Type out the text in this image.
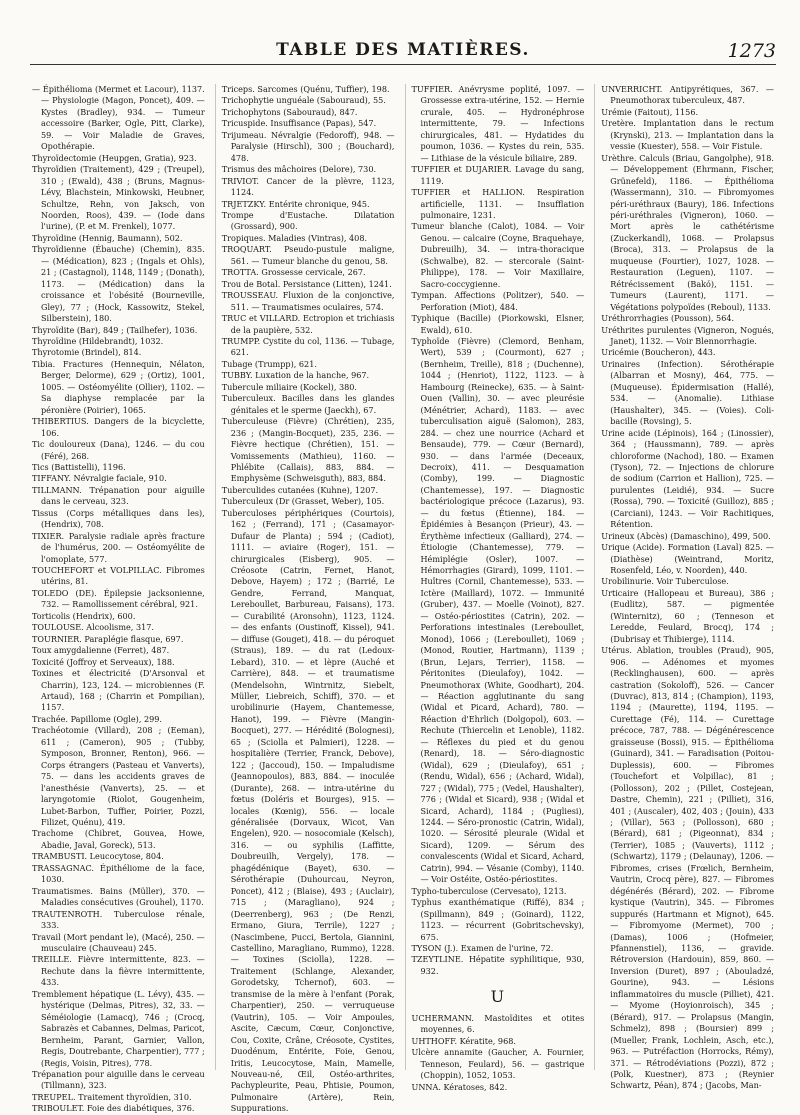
TABLE DES MATIÈRES.	1273

— Épithélioma (Mermet et Lacour), 1137. — Physiologie (Magon, Poncet), 409. — Kystes (Bradley), 934. — Tumeur accessoire (Barker, Ogle, Pitt, Clarke), 59. — Voir Maladie de Graves, Opothérapie.

Thyroïdectomie (Heupgen, Gratia), 923.

Thyroïdien (Traitement), 429 ; (Treupel), 310 ; (Ewald), 438 ; (Bruns, Magnus-Lévy, Blachstein, Minkowski, Heubner, Schultze, Rehn, von Jaksch, von Noorden, Roos), 439. — (Iode dans l'urine), (P. et M. Frenkel), 1077.

Thyroïdine (Hennig, Baumann), 502.

Thyroïdienne (Ébauche) (Chemin), 835. — (Médication), 823 ; (Ingals et Ohls), 21 ; (Castagnol), 1148, 1149 ; (Donath), 1173. — (Médication) dans la croissance et l'obésité (Bourneville, Gley), 77 ; (Hock, Kassowitz, Stekel, Silberstein), 180.

Thyroïdite (Bar), 849 ; (Tailhefer), 1036.

Thyroïdine (Hildebrandt), 1032.

Thyrotomie (Brindel), 814.

Tibia. Fractures (Hennequin, Nélaton, Berger, Delorme), 629 ; (Ortiz), 1001, 1005. — Ostéomyélite (Ollier), 1102. — Sa diaphyse remplacée par la péronière (Poirier), 1065.

THIBERTIUS. Dangers de la bicyclette, 106.

Tic douloureux (Dana), 1246. — du cou (Féré), 268.

Tics (Battistelli), 1196.

TIFFANY. Névralgie faciale, 910.

TILLMANN. Trépanation pour aiguille dans le cerveau, 323.

Tissus (Corps métalliques dans les), (Hendrix), 708.

TIXIER. Paralysie radiale après fracture de l'humérus, 200. — Ostéomyélite de l'omoplate, 577.

TOUCHEFORT et VOLPILLAC. Fibromes utérins, 81.

TOLEDO (DE). Épilepsie jacksonienne, 732. — Ramollissement cérébral, 921.

Torticolis (Hendrix), 600.

TOULOUSE. Alcoolisme, 317.

TOURNIER. Paraplégie flasque, 697.

Toux amygdalienne (Ferret), 487.

Toxicité (Joffroy et Serveaux), 188.

Toxines et électricité (D'Arsonval et Charrin), 123, 124. — microbiennes (F. Artaud), 168 ; (Charrin et Pompilian), 1157.

Trachée. Papillome (Ogle), 299.

Trachéotomie (Villard), 208 ; (Eeman), 611 ; (Cameron), 905 ; (Tubby, Symposon, Bronner, Renton), 966. — Corps étrangers (Pasteau et Vanverts), 75. — dans les accidents graves de l'anesthésie (Vanverts), 25. — et laryngotomie (Riolot, Gougenheim, Lubet-Barbon, Tuffier, Poirier, Pozzi, Filizet, Quénu), 419.

Trachome (Chibret, Gouvea, Howe, Abadie, Javal, Goreck), 513.

TRAMBUSTI. Leucocytose, 804.

TRASSAGNAC. Épithéliome de la face, 1030.

Traumatismes. Bains (Müller), 370. — Maladies consécutives (Grouhel), 1170.

TRAUTENROTH. Tuberculose rénale, 333.

Travail (Mort pendant le), (Macé), 250. — musculaire (Chauveau) 245.

TREILLE. Fièvre intermittente, 823. — Rechute dans la fièvre intermittente, 433.

Tremblement hépatique (L. Lévy), 435. — hystérique (Delmas, Pitres), 32, 33. — Séméiologie (Lamacq), 746 ; (Crocq, Sabrazès et Cabannes, Delmas, Paricot, Bernheim, Parant, Garnier, Vallon, Regis, Doutrebante, Charpentier), 777 ; (Regis, Voisin, Pitres), 778.

Trépanation pour aiguille dans le cerveau (Tillmann), 323.

TREUPEL. Traitement thyroïdien, 310.

TRIBOULET. Foie des diabétiques, 376.

Triceps. Sarcomes (Quénu, Tuffier), 198.

Trichophytie unguéale (Sabouraud), 55.

Trichophytons (Sabouraud), 847.

Tricuspide. Insuffisance (Papas), 547.

Trijumeau. Névralgie (Fedoroff), 948. — Paralysie (Hirschl), 300 ; (Bouchard), 478.

Trismus des mâchoires (Delore), 730.

TRIVIOT. Cancer de la plèvre, 1123, 1124.

TRJETZKY. Entérite chronique, 945.

Trompe d'Eustache. Dilatation (Grossard), 900.

Tropiques. Maladies (Vintras), 408.

TROQUART. Pseudo-pustule maligne, 561. — Tumeur blanche du genou, 58.

TROTTA. Grossesse cervicale, 267.

Trou de Botal. Persistance (Litten), 1241.

TROUSSEAU. Fluxion de la conjonctive, 511. — Traumatismes oculaires, 574.

TRUC et VILLARD. Ectropion et trichiasis de la paupière, 532.

TRUMPP. Cystite du col, 1136. — Tubage, 621.

Tubage (Trumpp), 621.

TUBBY. Luxation de la hanche, 967.

Tubercule miliaire (Kockel), 380.

Tuberculeux. Bacilles dans les glandes génitales et le sperme (Jaeckh), 67.

Tuberculeuse (Fièvre) (Chrétien), 235, 236 ; (Mangin-Bocquet), 235, 236. — Fièvre hectique (Chrétien), 151. — Vomissements (Mathieu), 1160. — Phlébite (Callais), 883, 884. — Emphysème (Schweisguth), 883, 884.

Tuberculides cutanées (Kuhne), 1207.

Tuberculeux (Dr (Grasset, Weber), 105.

Tuberculoses périphériques (Courtois), 162 ; (Ferrand), 171 ; (Casamayor-Dufaur de Planta) ; 594 ; (Cadiot), 1111. — aviaire (Roger), 151. — chirurgicales (Eisberg), 905. — Créosote (Catrin, Fernet, Hanot, Debove, Hayem) ; 172 ; (Barrié, Le Gendre, Ferrand, Manquat, Lereboullet, Barbureau, Faisans), 173. — Curabilité (Aronsohn), 1123, 1124. — des enfants (Oustinoff, Kissel), 941. — diffuse (Gouget), 418. — du péroquet (Straus), 189. — du rat (Ledoux-Lebard), 310. — et lèpre (Auché et Carrière), 848. — et traumatisme (Mendelsohn, Wintrnitz, Siebelt, Müller, Liebreich, Schiff), 370. — et urobilinurie (Hayem, Chantemesse, Hanot), 199. — Fièvre (Mangin-Bocquet), 277. — Hérédité (Bolognesi), 65 ; (Sciolla et Palmieri), 1228. — hospitalière (Terrier, Franck, Debove), 122 ; (Jaccoud), 150. — Impaludisme (Jeannopoulos), 883, 884. — inoculée (Durante), 268. — intra-utérine du fœtus (Doléris et Bourges), 915. — locales (Kœnig), 556. — locale généralisée (Dorvaux, Wicot, Van Engelen), 920. — nosocomiale (Kelsch), 316. — ou syphilis (Laffitte, Doubreuilh, Vergely), 178. — phagédénique (Bayet), 630. — Sérothérapie (Duhourcau, Neyron, Poncet), 412 ; (Blaise), 493 ; (Auclair), 715 ; (Maragliano), 924 ; (Deerrenberg), 963 ; (De Renzi, Ermano, Giura, Terrile), 1227 ; (Nascimbene, Pucci, Bertola, Giannini, Castellino, Maragliano, Rummo), 1228. — Toxines (Sciolla), 1228. — Traitement (Schlange, Alexander, Gorodetsky, Tchernof), 603. — transmise de la mère à l'enfant (Porak, Charpentier), 250. — verruqueuse (Vautrin), 105. — Voir Ampoules, Ascite, Cæcum, Cœur, Conjonctive, Cou, Coxite, Crâne, Créosote, Cystites, Duodénum, Entérite, Foie, Genou, Iritis, Leucocytose, Main, Mamelle, Nouveau-né, Œil, Ostéo-arthrites, Pachypleurite, Peau, Phtisie, Poumon, Pulmonaire (Artère), Rein, Suppurations.

TUFFIER. Anévrysme poplité, 1097. — Grossesse extra-utérine, 152. — Hernie crurale, 405. — Hydronéphrose intermittente, 79. — Infections chirurgicales, 481. — Hydatides du poumon, 1036. — Kystes du rein, 535. — Lithiase de la vésicule biliaire, 289.

TUFFIER et DUJARIER. Lavage du sang, 1119.

TUFFIER et HALLION. Respiration artificielle, 1131. — Insufflation pulmonaire, 1231.

Tumeur blanche (Calot), 1084. — Voir Genou. — calcaire (Coyne, Braquehaye, Dubreuilh), 34. — intra-thoracique (Schwalbe), 82. — stercorale (Saint-Philippe), 178. — Voir Maxillaire, Sacro-coccygienne.

Tympan. Affections (Politzer), 540. — Perforation (Miot), 484.

Typhique (Bacille) (Piorkowski, Elsner, Ewald), 610.

Typhoïde (Fièvre) (Clemord, Benham, Wert), 539 ; (Courmont), 627 ; (Bernheim, Treille), 818 ; (Duchenne), 1044 ; (Henriot), 1122, 1123. — à Hambourg (Reinecke), 635. — à Saint-Ouen (Vallin), 30. — avec pleurésie (Ménétrier, Achard), 1183. — avec tuberculisation aiguë (Salomon), 283, 284. — chez une nourrice (Achard et Bensaude), 779. — Cœur (Bernard), 930. — dans l'armée (Deceaux, Decroix), 411. — Desquamation (Comby), 199. — Diagnostic (Chantemesse), 197. — Diagnostic bactériologique précoce (Lazarus), 93. — du fœtus (Étienne), 184. — Épidémies à Besançon (Prieur), 43. — Érythème infectieux (Galliard), 274. — Étiologie (Chantemesse), 779. — Hémiplégie (Osler), 1007. — Hémorrhagies (Girard), 1099, 1101. — Huîtres (Cornil, Chantemesse), 533. — Ictère (Maillard), 1072. — Immunité (Gruber), 437. — Moelle (Voinot), 827. — Ostéo-périostites (Catrin), 202. — Perforations intestinales (Lereboullet, Monod), 1066 ; (Lereboullet), 1069 ; (Monod, Routier, Hartmann), 1139 ; (Brun, Lejars, Terrier), 1158. — Péritonites (Dieulafoy), 1042. — Pneumothorax (White, Goodhart), 204. — Réaction agglutinante du sang (Widal et Picard, Achard), 780. — Réaction d'Ehrlich (Dolgopol), 603. — Rechute (Thiercelin et Lenoble), 1182. — Réflexes du pied et du genou (Renard), 18. — Séro-diagnostic (Widal), 629 ; (Dieulafoy), 651 ; (Rendu, Widal), 656 ; (Achard, Widal), 727 ; (Widal), 775 ; (Vedel, Haushalter), 776 ; (Widal et Sicard), 938 ; (Widal et Sicard, Achard), 1184 ; (Pugliesi), 1244. — Séro-pronostic (Catrin, Widal), 1020. — Sérosité pleurale (Widal et Sicard), 1209. — Sérum des convalescents (Widal et Sicard, Achard, Catrin), 994. — Vésanie (Comby), 1140. — Voir Ostéite, Ostéo-périostites.

Typho-tuberculose (Cervesato), 1213.

Typhus exanthématique (Riffé), 834 ; (Spillmann), 849 ; (Goinard), 1122, 1123. — récurrent (Gobritschevsky), 675.

TYSON (J.). Examen de l'urine, 72.

TZEYTLINE. Hépatite syphilitique, 930, 932.

U

UCHERMANN. Mastoïdites et otites moyennes, 6.

UHTHOFF. Kératite, 968.

Ulcère annamite (Gaucher, A. Fournier, Tenneson, Feulard), 56. — gastrique (Choppin), 1052, 1053.

UNNA. Kératoses, 842.

UNVERRICHT. Antipyrétiques, 367. — Pneumothorax tuberculeux, 487.

Urémie (Faitout), 1156.

Uretère. Implantation dans le rectum (Krynski), 213. — Implantation dans la vessie (Kuester), 558. — Voir Fistule.

Urèthre. Calculs (Briau, Gangolphe), 918. — Développement (Ehrmann, Fischer, Grünefeld), 1186. — Épithélioma (Wassermann), 310. — Fibromyomes péri-uréthraux (Baury), 186. Infections péri-uréthrales (Vigneron), 1060. — Mort après le cathétérisme (Zuckerkandl), 1068. — Prolapsus (Broca), 313. — Prolapsus de la muqueuse (Fourtier), 1027, 1028. — Restauration (Leguen), 1107. — Rétrécissement (Bakó), 1151. — Tumeurs (Laurent), 1171. — Végétations polypoïdes (Reboul), 1133.

Uréthrorrhagies (Pousson), 564.

Uréthrites purulentes (Vigneron, Nogués, Janet), 1132. — Voir Blennorrhagie.

Uricémie (Boucheron), 443.

Urinaires (Infection). Sérothérapie (Albarran et Mosny), 464, 775. — (Muqueuse). Épidermisation (Hallé), 534. — (Anomalie). Lithiase (Haushalter), 345. — (Voies). Coli-bacille (Rovsing), 5.

Urine acide (Lépinois), 164 ; (Linossier), 364 ; (Haussmann), 789. — après chloroforme (Nachod), 180. — Examen (Tyson), 72. — Injections de chlorure de sodium (Carrion et Hallion), 725. — purulentes (Leidié), 934. — Sucre (Rossa), 790. — Toxicité (Guilloz), 885 ; (Carciani), 1243. — Voir Rachitiques, Rétention.

Urineux (Abcès) (Damaschino), 499, 500.

Urique (Acide). Formation (Laval) 825. — (Diathèse) (Weintrand, Moritz, Rosenfeld, Léo, v. Noorden), 440.

Urobilinurie. Voir Tuberculose.

Urticaire (Hallopeau et Bureau), 386 ; (Eudlitz), 587. — pigmentée (Winternitz), 60 ; (Tenneson et Leredde, Feulard, Brocq), 174 ; (Dubrisay et Thibierge), 1114.

Utérus. Ablation, troubles (Praud), 905, 906. — Adénomes et myomes (Recklinghausen), 600. — après castration (Sokoloff), 526. — Cancer (Duvrac), 813, 814 ; (Champion), 1193, 1194 ; (Maurette), 1194, 1195. — Curettage (Fé), 114. — Curettage précoce, 787, 788. — Dégénérescence graisseuse (Bossi), 915. — Épithélioma (Guinard), 341. — Faradisation (Poitou-Duplessis), 600. — Fibromes (Touchefort et Volpillac), 81 ; (Pollosson), 202 ; (Pillet, Costejean, Dastre, Chemin), 221 ; (Pilliet), 316, 401 ; (Auscaler), 402, 403 ; (Jouin), 433 ; (Villar), 563 ; (Pollosson), 680 ; (Bérard), 681 ; (Pigeonnat), 834 ; (Terrier), 1085 ; (Vauverts), 1112 ; (Schwartz), 1179 ; (Delaunay), 1206. — Fibromes, crises (Frœlich, Bernheim, Vautrin, Crocq père), 827. — Fibromes dégénérés (Bérard), 202. — Fibrome kystique (Vautrin), 345. — Fibromes suppurés (Hartmann et Mignot), 645. — Fibromyome (Mermet), 700 ; (Damas), 1006 ; (Hofmeier, Pfannenstiel), 1136, — gravide. Rétroversion (Hardouin), 859, 860. — Inversion (Duret), 897 ; (Abouladzé, Gourine), 943. — Lésions inflammatoires du muscle (Pilliet), 421. — Myome (Hoyionroisch), 345 ; (Bérard), 917. — Prolapsus (Mangin, Schmelz), 898 ; (Boursier) 899 ; (Mueller, Frank, Lochlein, Asch, etc.), 963. — Putréfaction (Horrocks, Rémy), 371. — Rétrodéviations (Pozzi), 872 ; (Polk, Kuestner), 873 ; (Reynier Schwartz, Péan), 874 ; (Jacobs, Man-
